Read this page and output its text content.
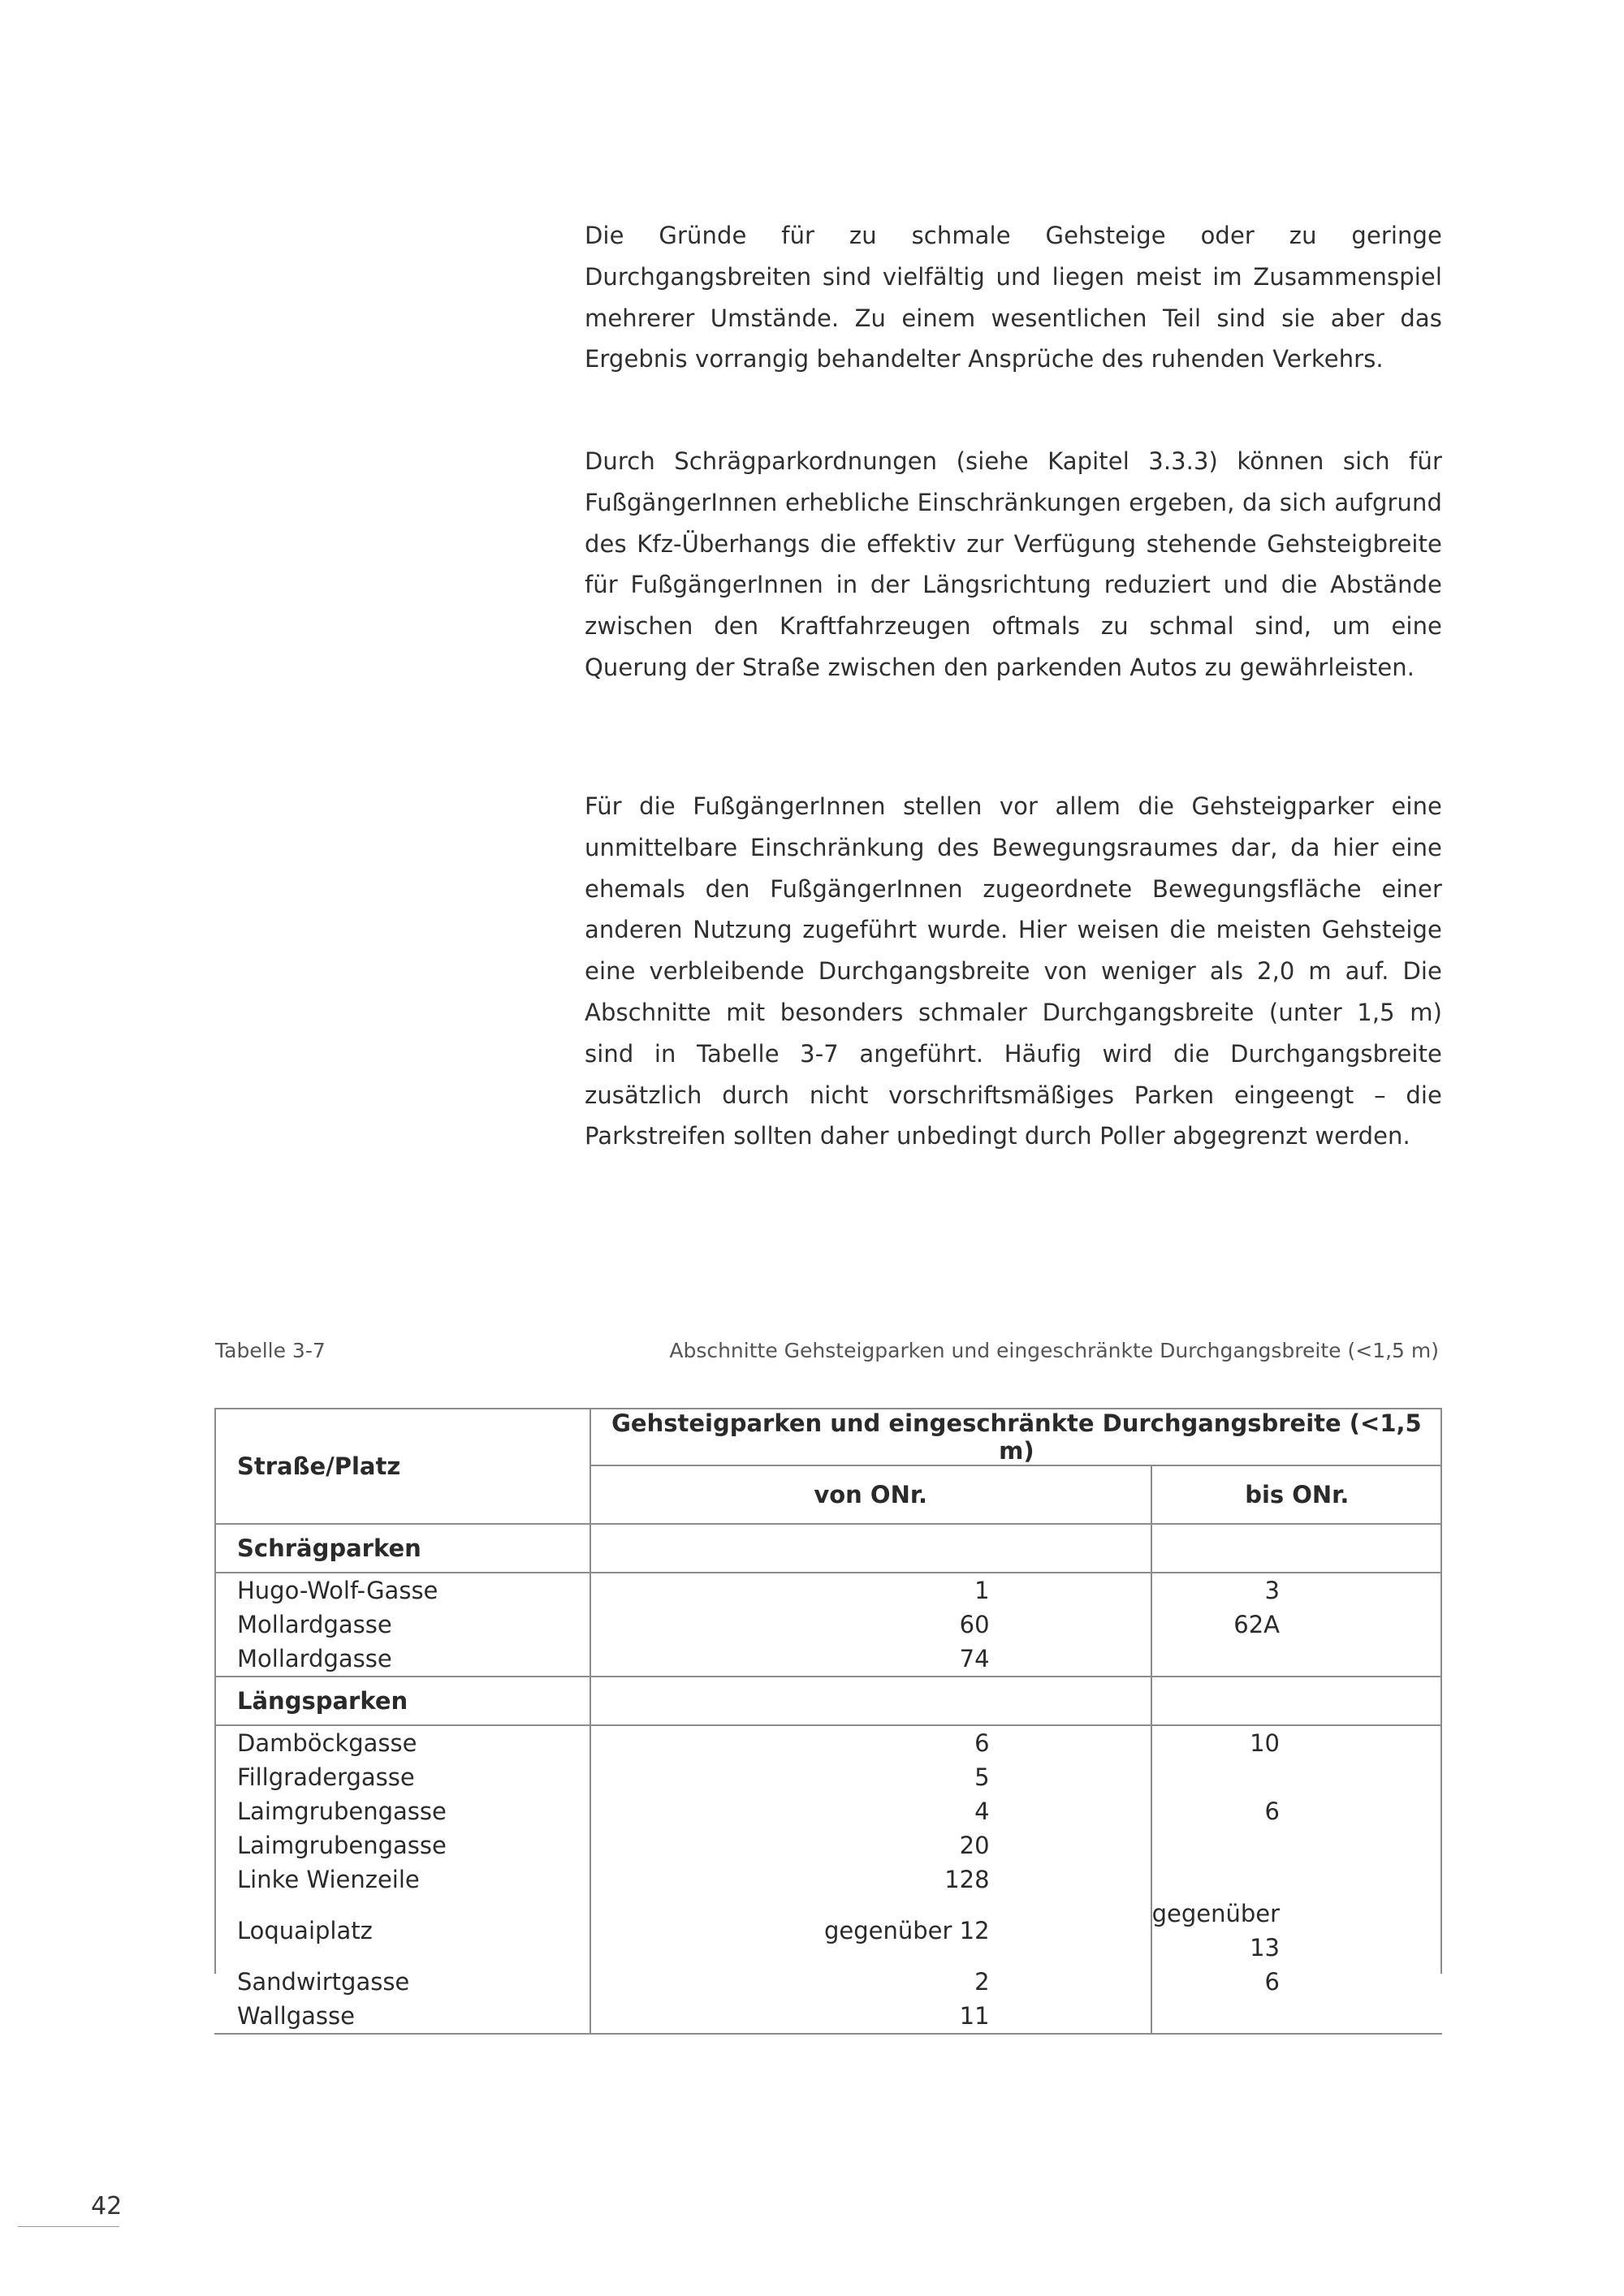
Die Gründe für zu schmale Gehsteige oder zu geringe Durchgangsbreiten sind vielfältig und liegen meist im Zusammenspiel mehrerer Umstände. Zu einem wesentlichen Teil sind sie aber das Ergebnis vorrangig behandelter Ansprüche des ruhenden Verkehrs.
Durch Schrägparkordnungen (siehe Kapitel 3.3.3) können sich für FußgängerInnen erhebliche Einschränkungen ergeben, da sich aufgrund des Kfz-Überhangs die effektiv zur Verfügung stehende Gehsteigbreite für FußgängerInnen in der Längsrichtung reduziert und die Abstände zwischen den Kraftfahrzeugen oftmals zu schmal sind, um eine Querung der Straße zwischen den parkenden Autos zu gewährleisten.
Für die FußgängerInnen stellen vor allem die Gehsteigparker eine unmittelbare Einschränkung des Bewegungsraumes dar, da hier eine ehemals den FußgängerInnen zugeordnete Bewegungsfläche einer anderen Nutzung zugeführt wurde. Hier weisen die meisten Gehsteige eine verbleibende Durchgangsbreite von weniger als 2,0 m auf. Die Abschnitte mit besonders schmaler Durchgangsbreite (unter 1,5 m) sind in Tabelle 3-7 angeführt. Häufig wird die Durchgangsbreite zusätzlich durch nicht vorschriftsmäßiges Parken eingeengt – die Parkstreifen sollten daher unbedingt durch Poller abgegrenzt werden.
Tabelle 3-7	Abschnitte Gehsteigparken und eingeschränkte Durchgangsbreite (<1,5 m)
Straße/Platz	Gehsteigparken und eingeschränkte Durchgangsbreite (<1,5 m)	
	von ONr.	bis ONr.
Schrägparken		
Hugo-Wolf-Gasse	1	3
Mollardgasse	60	62A
Mollardgasse	74	
Längsparken		
Damböckgasse	6	10
Fillgradergasse	5	
Laimgrubengasse	4	6
Laimgrubengasse	20	
Linke Wienzeile	128	
Loquaiplatz	gegenüber 12	gegenüber 13
Sandwirtgasse	2	6
Wallgasse	11	
42
